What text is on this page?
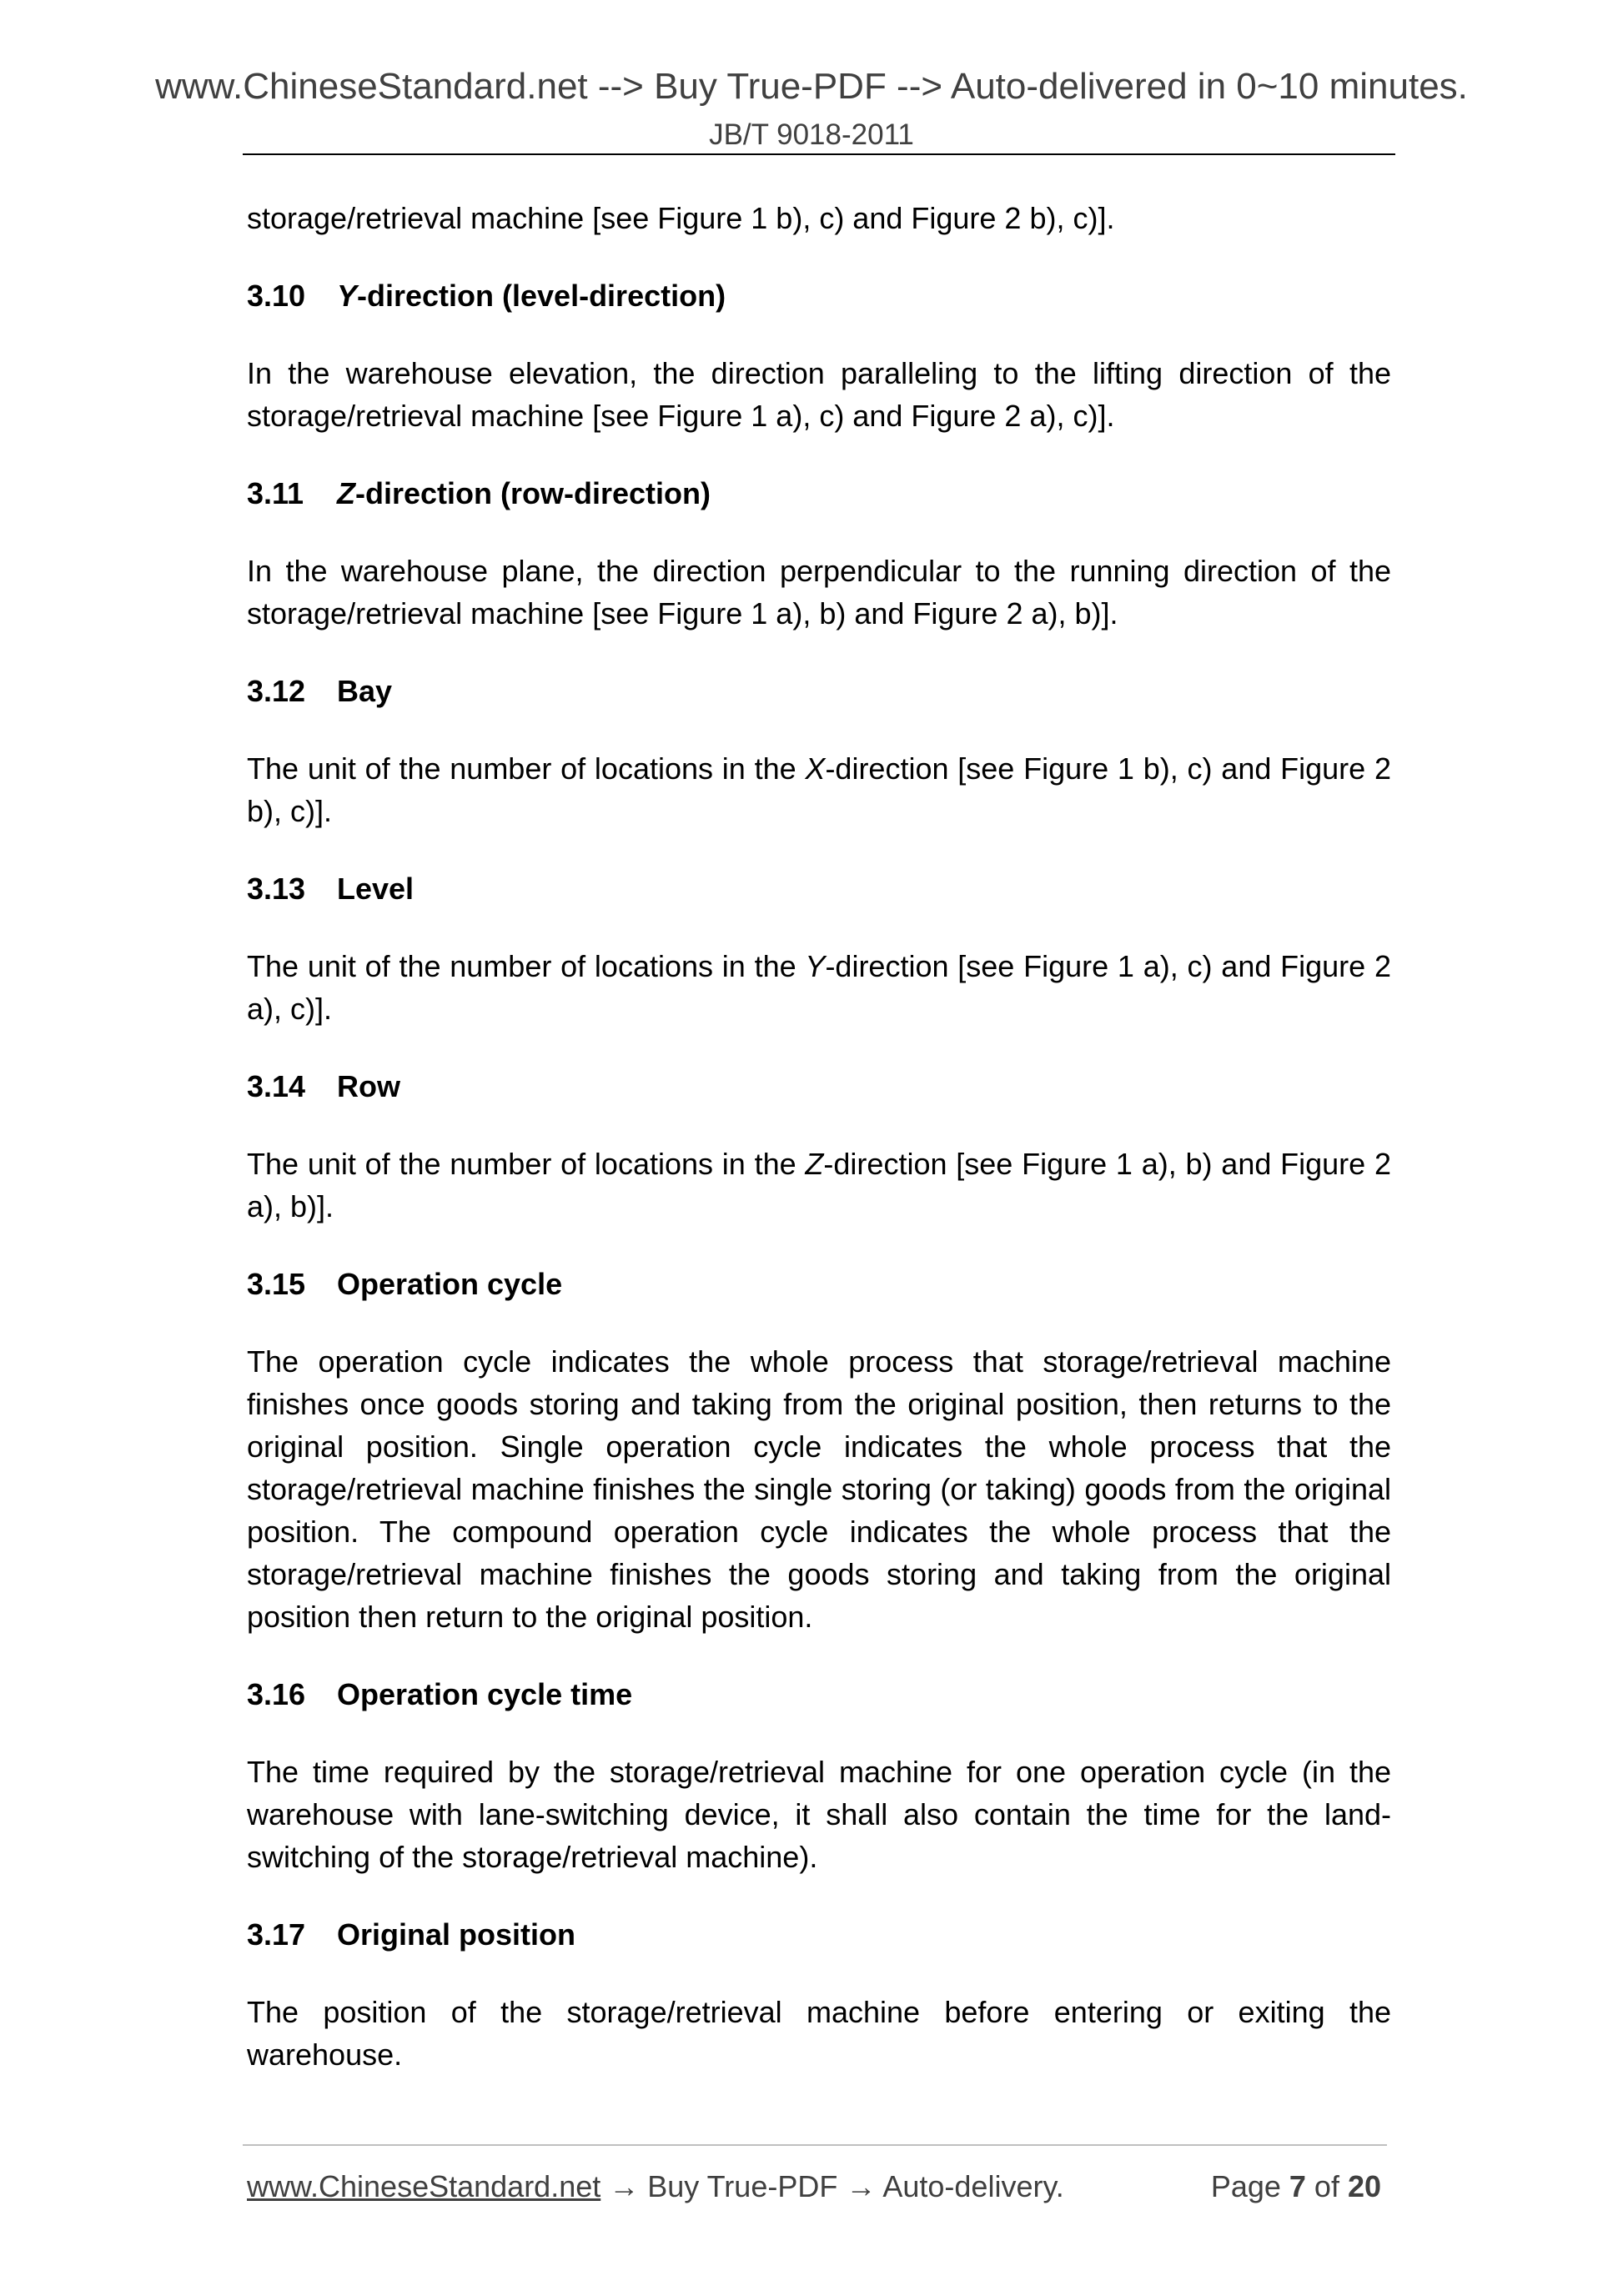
www.ChineseStandard.net --> Buy True-PDF --> Auto-delivered in 0~10 minutes.
JB/T 9018-2011

storage/retrieval machine [see Figure 1 b), c) and Figure 2 b), c)].

3.10 Y-direction (level-direction)

In the warehouse elevation, the direction paralleling to the lifting direction of the storage/retrieval machine [see Figure 1 a), c) and Figure 2 a), c)].

3.11 Z-direction (row-direction)

In the warehouse plane, the direction perpendicular to the running direction of the storage/retrieval machine [see Figure 1 a), b) and Figure 2 a), b)].

3.12 Bay

The unit of the number of locations in the X-direction [see Figure 1 b), c) and Figure 2 b), c)].

3.13 Level

The unit of the number of locations in the Y-direction [see Figure 1 a), c) and Figure 2 a), c)].

3.14 Row

The unit of the number of locations in the Z-direction [see Figure 1 a), b) and Figure 2 a), b)].

3.15 Operation cycle

The operation cycle indicates the whole process that storage/retrieval machine finishes once goods storing and taking from the original position, then returns to the original position. Single operation cycle indicates the whole process that the storage/retrieval machine finishes the single storing (or taking) goods from the original position. The compound operation cycle indicates the whole process that the storage/retrieval machine finishes the goods storing and taking from the original position then return to the original position.

3.16 Operation cycle time

The time required by the storage/retrieval machine for one operation cycle (in the warehouse with lane-switching device, it shall also contain the time for the land-switching of the storage/retrieval machine).

3.17 Original position

The position of the storage/retrieval machine before entering or exiting the warehouse.

www.ChineseStandard.net → Buy True-PDF → Auto-delivery.	Page 7 of 20
